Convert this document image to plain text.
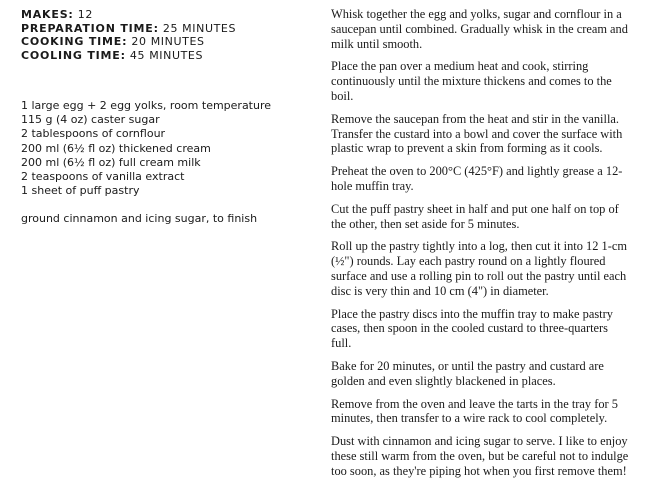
MAKES: 12
PREPARATION TIME: 25 MINUTES
COOKING TIME: 20 MINUTES
COOLING TIME: 45 MINUTES
1 large egg + 2 egg yolks, room temperature
115 g (4 oz) caster sugar
2 tablespoons of cornflour
200 ml (6½ fl oz) thickened cream
200 ml (6½ fl oz) full cream milk
2 teaspoons of vanilla extract
1 sheet of puff pastry
ground cinnamon and icing sugar, to finish

Whisk together the egg and yolks, sugar and cornflour in a saucepan until combined. Gradually whisk in the cream and milk until smooth.

Place the pan over a medium heat and cook, stirring continuously until the mixture thickens and comes to the boil.

Remove the saucepan from the heat and stir in the vanilla. Transfer the custard into a bowl and cover the surface with plastic wrap to prevent a skin from forming as it cools.

Preheat the oven to 200°C (425°F) and lightly grease a 12-hole muffin tray.

Cut the puff pastry sheet in half and put one half on top of the other, then set aside for 5 minutes.

Roll up the pastry tightly into a log, then cut it into 12 1-cm (½") rounds. Lay each pastry round on a lightly floured surface and use a rolling pin to roll out the pastry until each disc is very thin and 10 cm (4") in diameter.

Place the pastry discs into the muffin tray to make pastry cases, then spoon in the cooled custard to three-quarters full.

Bake for 20 minutes, or until the pastry and custard are golden and even slightly blackened in places.

Remove from the oven and leave the tarts in the tray for 5 minutes, then transfer to a wire rack to cool completely.

Dust with cinnamon and icing sugar to serve. I like to enjoy these still warm from the oven, but be careful not to indulge too soon, as they're piping hot when you first remove them!
